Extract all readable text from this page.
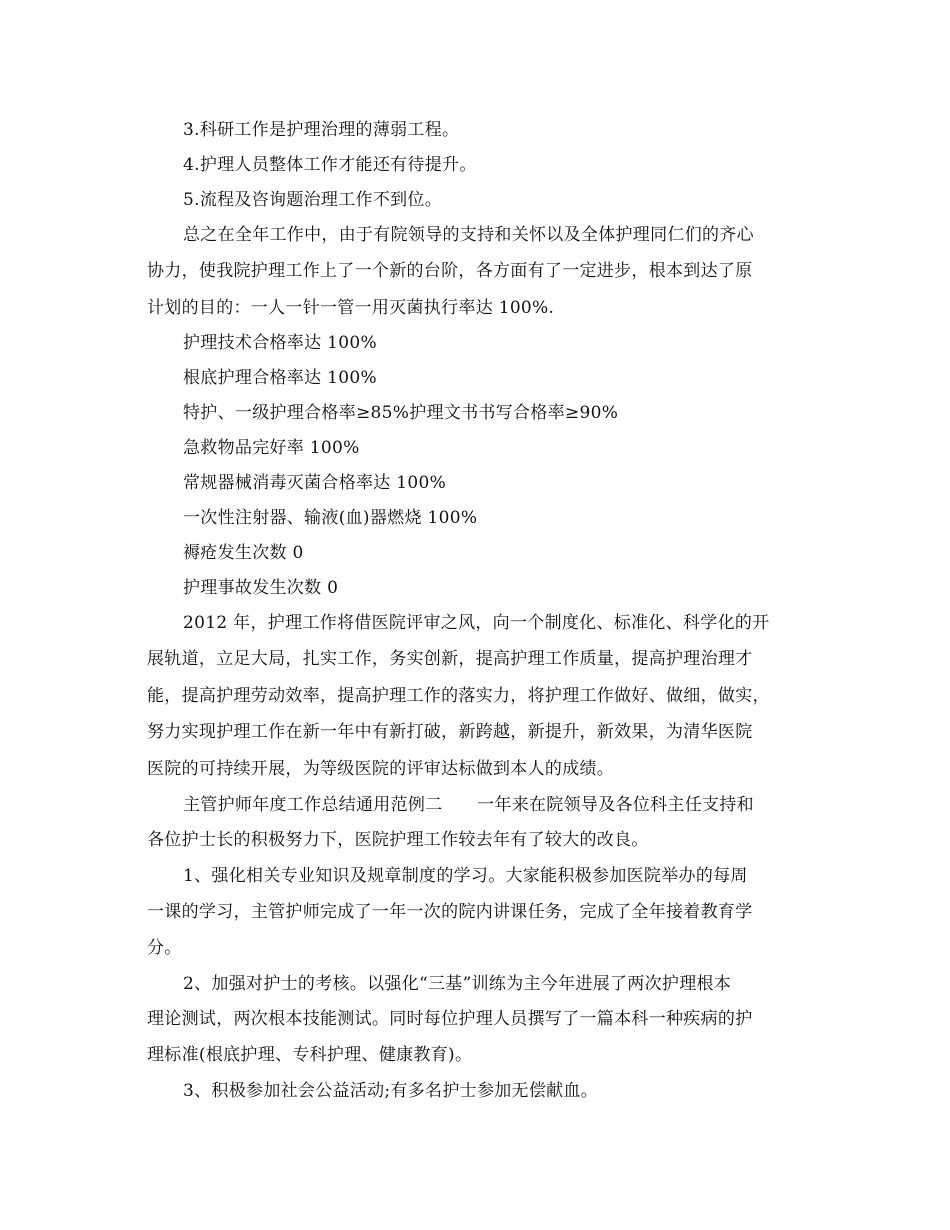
3.科研工作是护理治理的薄弱工程。
4.护理人员整体工作才能还有待提升。
5.流程及咨询题治理工作不到位。
总之在全年工作中，由于有院领导的支持和关怀以及全体护理同仁们的齐心
协力，使我院护理工作上了一个新的台阶，各方面有了一定进步，根本到达了原
计划的目的：一人一针一管一用灭菌执行率达 100%.
护理技术合格率达 100%
根底护理合格率达 100%
特护、一级护理合格率≥85%护理文书书写合格率≥90%
急救物品完好率 100%
常规器械消毒灭菌合格率达 100%
一次性注射器、输液(血)器燃烧 100%
褥疮发生次数 0
护理事故发生次数 0
2012 年，护理工作将借医院评审之风，向一个制度化、标准化、科学化的开
展轨道，立足大局，扎实工作，务实创新，提高护理工作质量，提高护理治理才
能，提高护理劳动效率，提高护理工作的落实力，将护理工作做好、做细，做实，
努力实现护理工作在新一年中有新打破，新跨越，新提升，新效果，为清华医院
医院的可持续开展，为等级医院的评审达标做到本人的成绩。
主管护师年度工作总结通用范例二　　一年来在院领导及各位科主任支持和
各位护士长的积极努力下，医院护理工作较去年有了较大的改良。
1、强化相关专业知识及规章制度的学习。大家能积极参加医院举办的每周
一课的学习，主管护师完成了一年一次的院内讲课任务，完成了全年接着教育学
分。
2、加强对护士的考核。以强化“三基”训练为主今年进展了两次护理根本
理论测试，两次根本技能测试。同时每位护理人员撰写了一篇本科一种疾病的护
理标准(根底护理、专科护理、健康教育)。
3、积极参加社会公益活动;有多名护士参加无偿献血。
